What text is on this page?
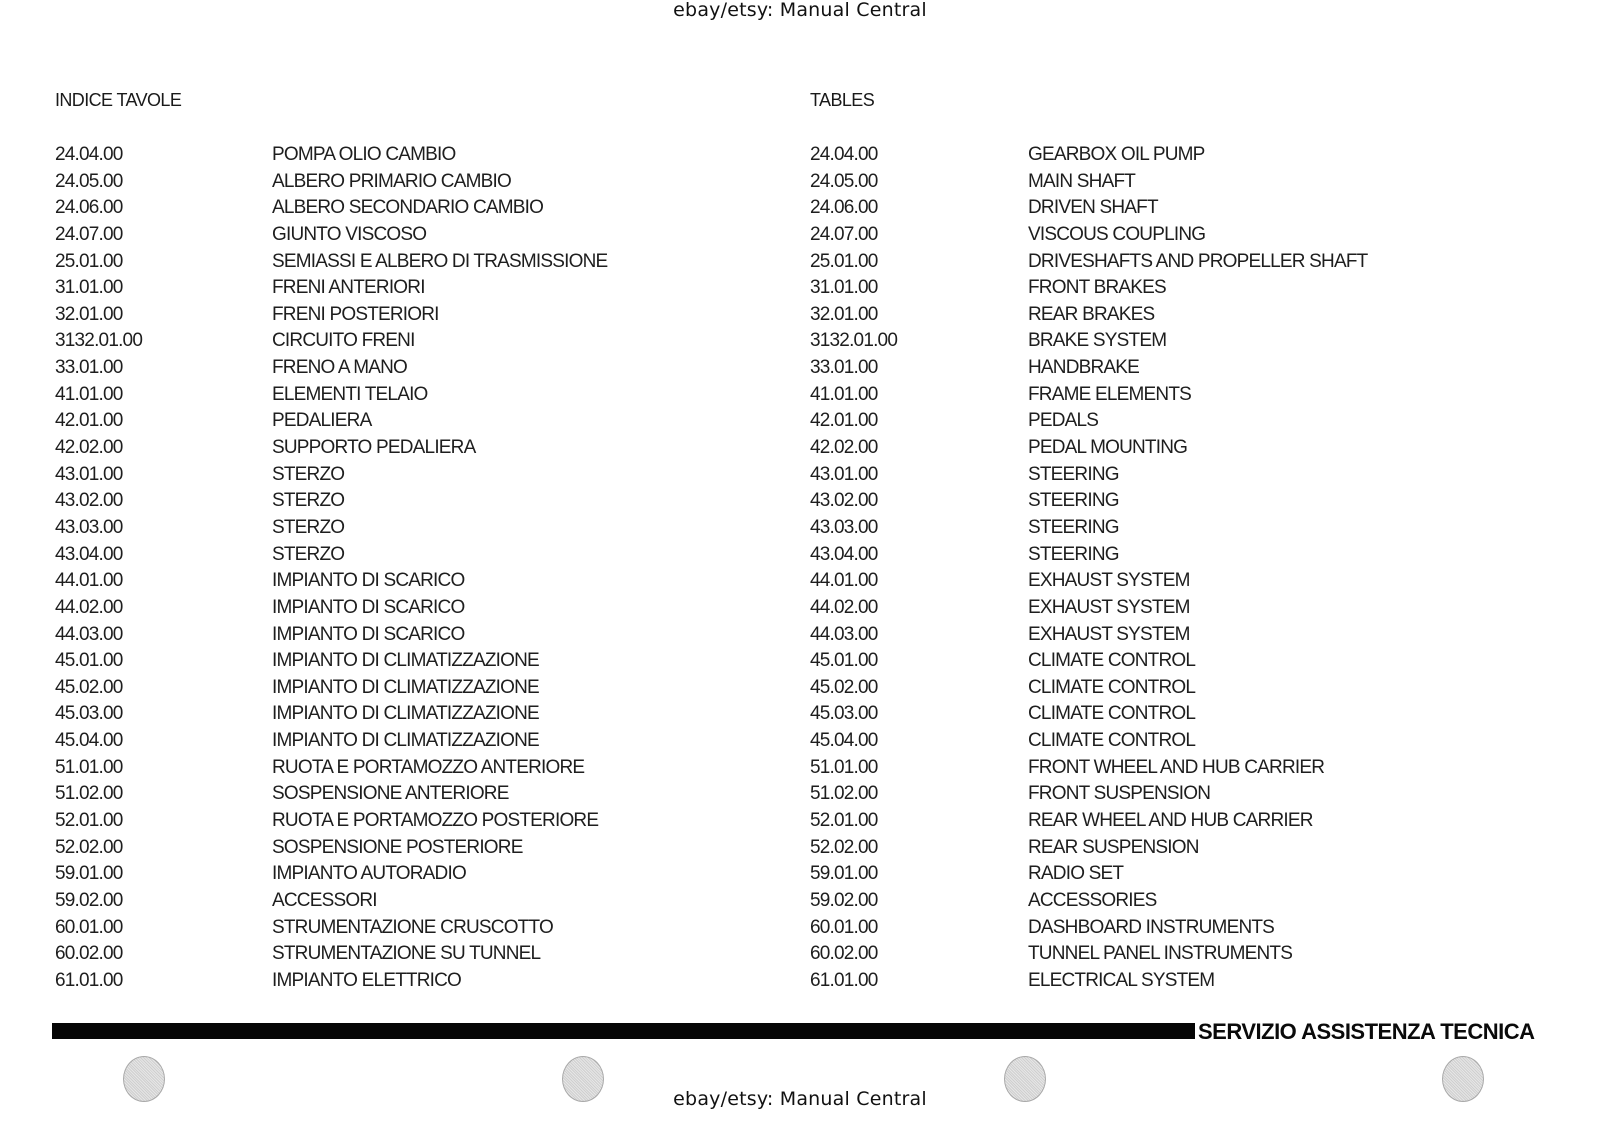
ebay/etsy: Manual Central
INDICE TAVOLE	TABLES
24.04.00
24.05.00
24.06.00
24.07.00
25.01.00
31.01.00
32.01.00
3132.01.00
33.01.00
41.01.00
42.01.00
42.02.00
43.01.00
43.02.00
43.03.00
43.04.00
44.01.00
44.02.00
44.03.00
45.01.00
45.02.00
45.03.00
45.04.00
51.01.00
51.02.00
52.01.00
52.02.00
59.01.00
59.02.00
60.01.00
60.02.00
61.01.00
POMPA OLIO CAMBIO
ALBERO PRIMARIO CAMBIO
ALBERO SECONDARIO CAMBIO
GIUNTO VISCOSO
SEMIASSI E ALBERO DI TRASMISSIONE
FRENI ANTERIORI
FRENI POSTERIORI
CIRCUITO FRENI
FRENO A MANO
ELEMENTI TELAIO
PEDALIERA
SUPPORTO PEDALIERA
STERZO
STERZO
STERZO
STERZO
IMPIANTO DI SCARICO
IMPIANTO DI SCARICO
IMPIANTO DI SCARICO
IMPIANTO DI CLIMATIZZAZIONE
IMPIANTO DI CLIMATIZZAZIONE
IMPIANTO DI CLIMATIZZAZIONE
IMPIANTO DI CLIMATIZZAZIONE
RUOTA E PORTAMOZZO ANTERIORE
SOSPENSIONE ANTERIORE
RUOTA E PORTAMOZZO POSTERIORE
SOSPENSIONE POSTERIORE
IMPIANTO AUTORADIO
ACCESSORI
STRUMENTAZIONE CRUSCOTTO
STRUMENTAZIONE SU TUNNEL
IMPIANTO ELETTRICO
24.04.00
24.05.00
24.06.00
24.07.00
25.01.00
31.01.00
32.01.00
3132.01.00
33.01.00
41.01.00
42.01.00
42.02.00
43.01.00
43.02.00
43.03.00
43.04.00
44.01.00
44.02.00
44.03.00
45.01.00
45.02.00
45.03.00
45.04.00
51.01.00
51.02.00
52.01.00
52.02.00
59.01.00
59.02.00
60.01.00
60.02.00
61.01.00
GEARBOX OIL PUMP
MAIN SHAFT
DRIVEN SHAFT
VISCOUS COUPLING
DRIVESHAFTS AND PROPELLER SHAFT
FRONT BRAKES
REAR BRAKES
BRAKE SYSTEM
HANDBRAKE
FRAME ELEMENTS
PEDALS
PEDAL MOUNTING
STEERING
STEERING
STEERING
STEERING
EXHAUST SYSTEM
EXHAUST SYSTEM
EXHAUST SYSTEM
CLIMATE CONTROL
CLIMATE CONTROL
CLIMATE CONTROL
CLIMATE CONTROL
FRONT WHEEL AND HUB CARRIER
FRONT SUSPENSION
REAR WHEEL AND HUB CARRIER
REAR SUSPENSION
RADIO SET
ACCESSORIES
DASHBOARD INSTRUMENTS
TUNNEL PANEL INSTRUMENTS
ELECTRICAL SYSTEM
SERVIZIO ASSISTENZA TECNICA
ebay/etsy: Manual Central
